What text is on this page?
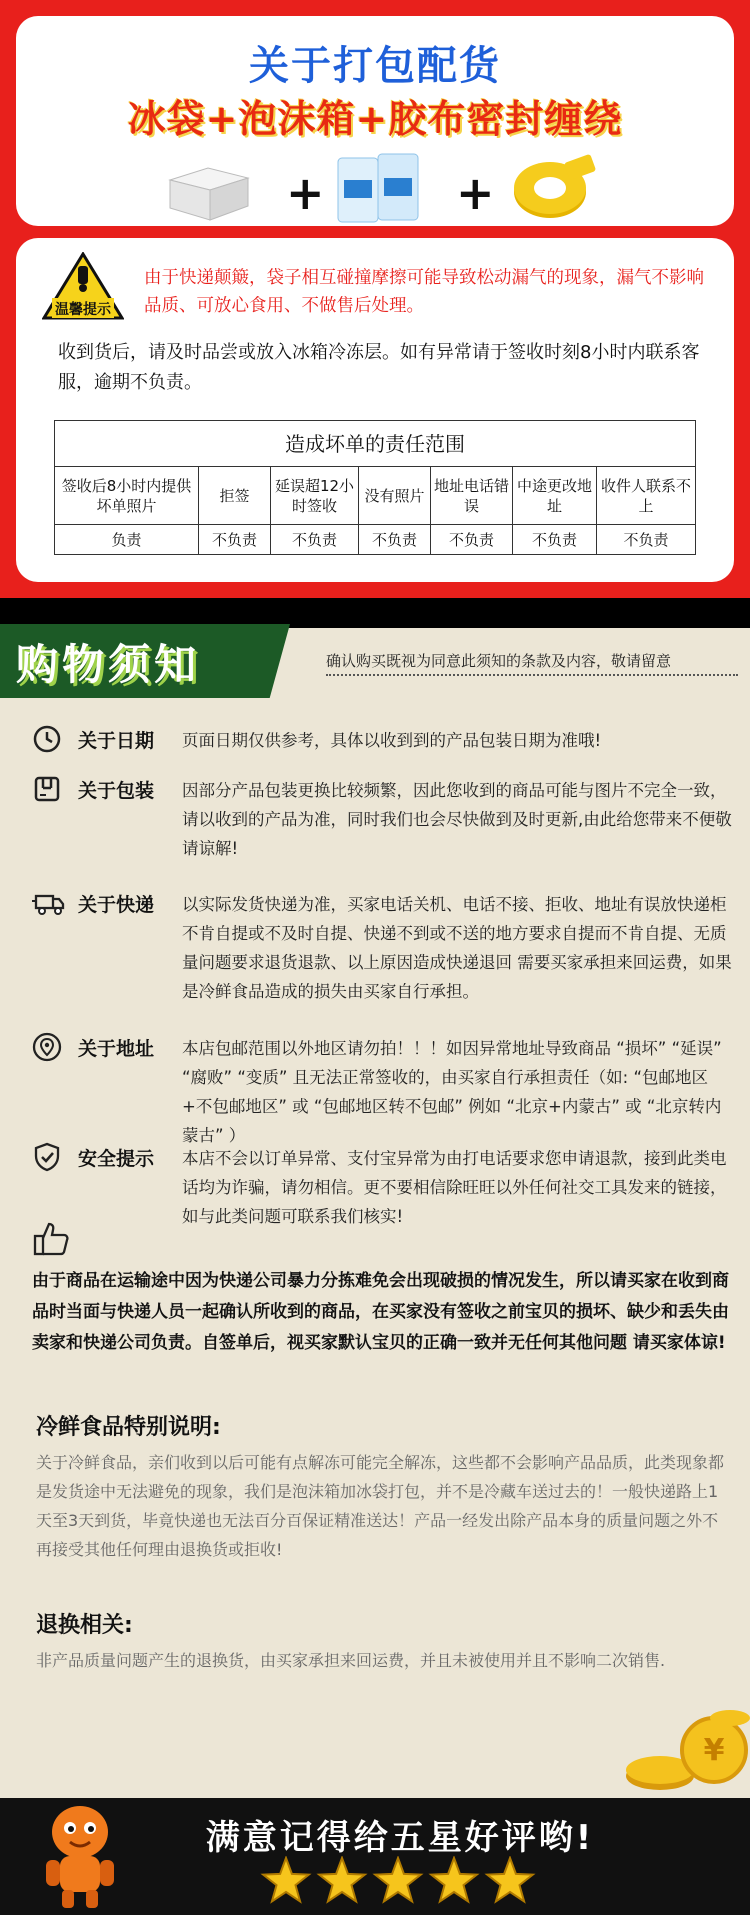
关于打包配货
冰袋+泡沫箱+胶布密封缠绕
+	+
温馨提示
由于快递颠簸，袋子相互碰撞摩擦可能导致松动漏气的现象，漏气不影响品质、可放心食用、不做售后处理。
收到货后，请及时品尝或放入冰箱冷冻层。如有异常请于签收时刻8小时内联系客服，逾期不负责。
造成坏单的责任范围						
签收后8小时内提供坏单照片	拒签	延误超12小时签收	没有照片	地址电话错误	中途更改地址	收件人联系不上
负责	不负责	不负责	不负责	不负责	不负责	不负责
购物须知	确认购买既视为同意此须知的条款及内容，敬请留意
关于日期 页面日期仅供参考，具体以收到到的产品包装日期为准哦!
关于包装 因部分产品包装更换比较频繁，因此您收到的商品可能与图片不完全一致，请以收到的产品为准，同时我们也会尽快做到及时更新,由此给您带来不便敬请谅解!
关于快递 以实际发货快递为准，买家电话关机、电话不接、拒收、地址有误放快递柜不肯自提或不及时自提、快递不到或不送的地方要求自提而不肯自提、无质量问题要求退货退款、以上原因造成快递退回 需要买家承担来回运费，如果是冷鲜食品造成的损失由买家自行承担。
关于地址 本店包邮范围以外地区请勿拍！！！如因异常地址导致商品 “损坏” “延误” “腐败” “变质” 且无法正常签收的，由买家自行承担责任（如: “包邮地区+不包邮地区” 或 “包邮地区转不包邮” 例如 “北京+内蒙古” 或 “北京转内蒙古” ）
安全提示 本店不会以订单异常、支付宝异常为由打电话要求您申请退款，接到此类电话均为诈骗，请勿相信。更不要相信除旺旺以外任何社交工具发来的链接，如与此类问题可联系我们核实!
由于商品在运输途中因为快递公司暴力分拣难免会出现破损的情况发生，所以请买家在收到商品时当面与快递人员一起确认所收到的商品，在买家没有签收之前宝贝的损坏、缺少和丢失由卖家和快递公司负责。自签单后，视买家默认宝贝的正确一致并无任何其他问题 请买家体谅!
冷鲜食品特别说明:
关于冷鲜食品，亲们收到以后可能有点解冻可能完全解冻，这些都不会影响产品品质，此类现象都是发货途中无法避免的现象，我们是泡沫箱加冰袋打包，并不是冷藏车送过去的！一般快递路上1天至3天到货，毕竟快递也无法百分百保证精准送达！产品一经发出除产品本身的质量问题之外不再接受其他任何理由退换货或拒收!
退换相关:
非产品质量问题产生的退换货，由买家承担来回运费，并且未被使用并且不影响二次销售.
¥
满意记得给五星好评哟!
